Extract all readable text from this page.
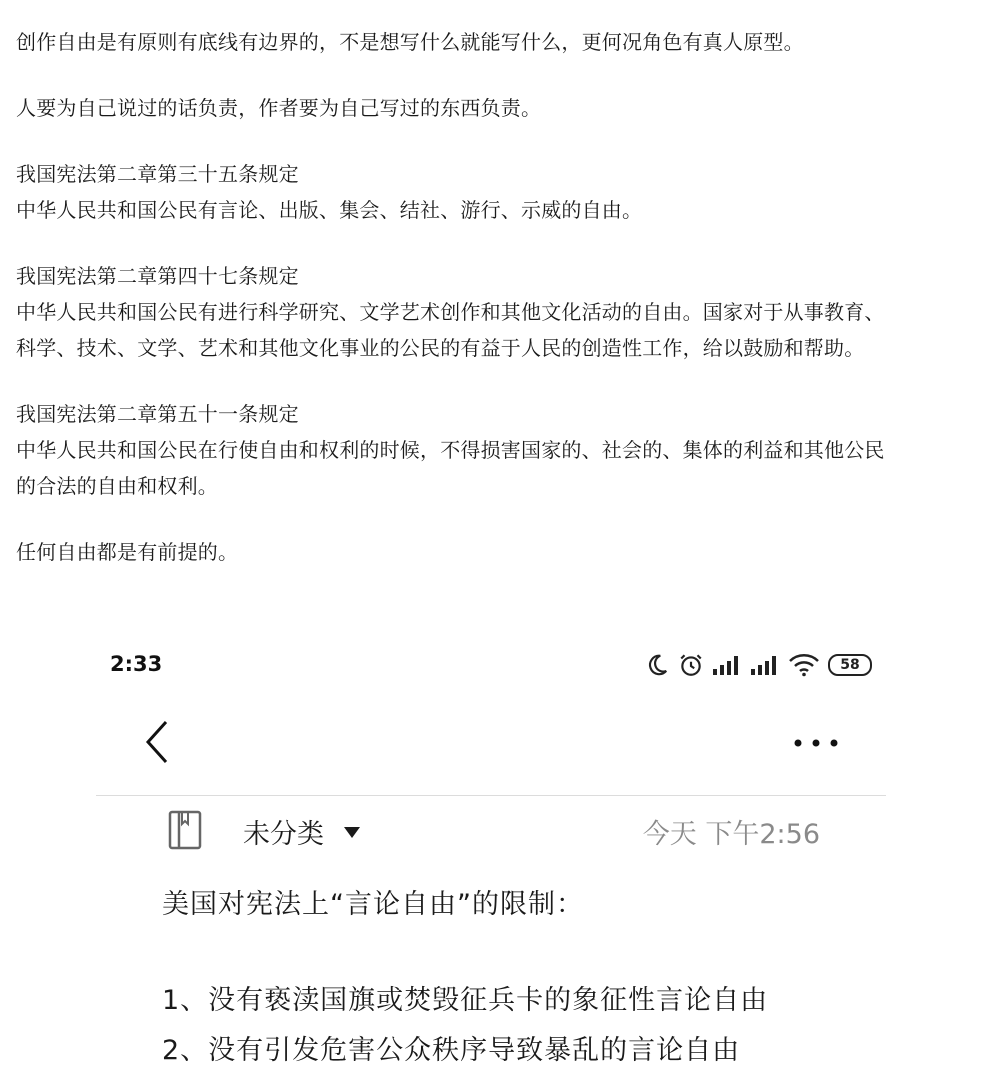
创作自由是有原则有底线有边界的，不是想写什么就能写什么，更何况角色有真人原型。
人要为自己说过的话负责，作者要为自己写过的东西负责。
我国宪法第二章第三十五条规定
中华人民共和国公民有言论、出版、集会、结社、游行、示威的自由。
我国宪法第二章第四十七条规定
中华人民共和国公民有进行科学研究、文学艺术创作和其他文化活动的自由。国家对于从事教育、
科学、技术、文学、艺术和其他文化事业的公民的有益于人民的创造性工作，给以鼓励和帮助。
我国宪法第二章第五十一条规定
中华人民共和国公民在行使自由和权利的时候，不得损害国家的、社会的、集体的利益和其他公民
的合法的自由和权利。
任何自由都是有前提的。
2:33	58
未分类	今天 下午2:56
美国对宪法上“言论自由”的限制：
1、没有亵渎国旗或焚毁征兵卡的象征性言论自由
2、没有引发危害公众秩序导致暴乱的言论自由
